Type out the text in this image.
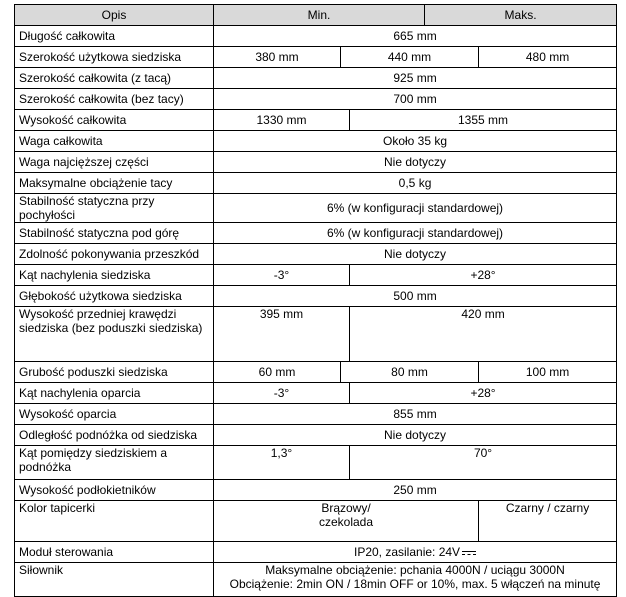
Opis	Min.			Maks.	
Długość całkowita	665 mm				
Szerokość użytkowa siedziska	380 mm	440 mm			480 mm
Szerokość całkowita (z tacą)	925 mm				
Szerokość całkowita (bez tacy)	700 mm				
Wysokość całkowita	1330 mm		1355 mm		
Waga całkowita	Około 35 kg				
Waga najcięższej części	Nie dotyczy				
Maksymalne obciążenie tacy	0,5 kg				
Stabilność statyczna przy pochyłości	6% (w konfiguracji standardowej)				
Stabilność statyczna pod górę	6% (w konfiguracji standardowej)				
Zdolność pokonywania przeszkód	Nie dotyczy				
Kąt nachylenia siedziska	-3°		+28°		
Głębokość użytkowa siedziska	500 mm				
Wysokość przedniej krawędzi siedziska (bez poduszki siedziska)	395 mm		420 mm		
Grubość poduszki siedziska	60 mm	80 mm			100 mm
Kąt nachylenia oparcia	-3°		+28°		
Wysokość oparcia	855 mm				
Odległość podnóżka od siedziska	Nie dotyczy				
Kąt pomiędzy siedziskiem a podnóżka	1,3°		70°		
Wysokość podłokietników	250 mm				
Kolor tapicerki	Brązowy/ czekolada				Czarny / czarny
Moduł sterowania	IP20, zasilanie: 24V				
Siłownik	Maksymalne obciążenie: pchania 4000N / uciągu 3000N
Obciążenie: 2min ON / 18min OFF or 10%, max. 5 włączeń na minutę				
